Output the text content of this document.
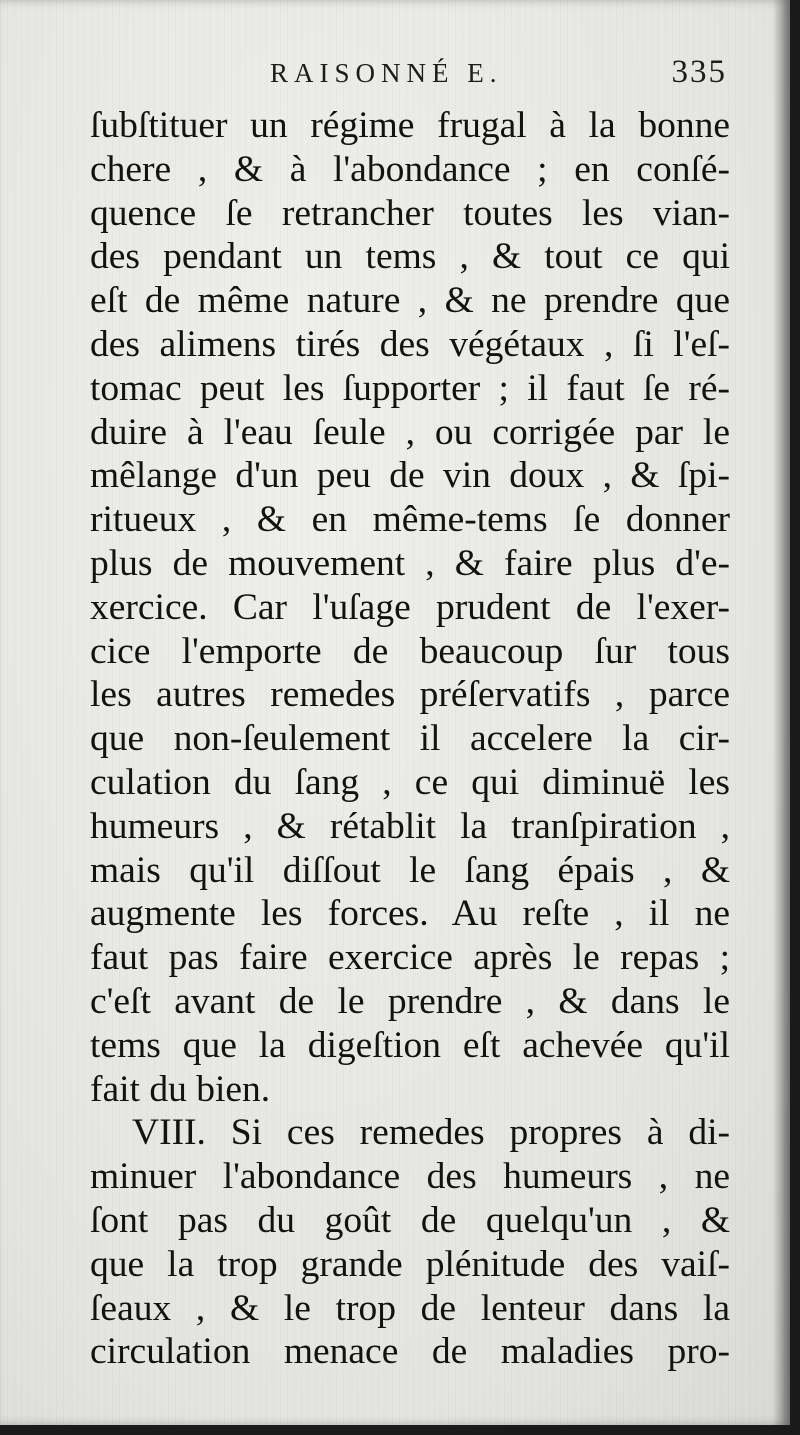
RAISONNÉ E.	335
ſubſtituer un régime frugal à la bonne
chere , & à l'abondance ; en conſé-
quence ſe retrancher toutes les vian-
des pendant un tems , & tout ce qui
eſt de même nature , & ne prendre que
des alimens tirés des végétaux , ſi l'eſ-
tomac peut les ſupporter ; il faut ſe ré-
duire à l'eau ſeule , ou corrigée par le
mêlange d'un peu de vin doux , & ſpi-
ritueux , & en même-tems ſe donner
plus de mouvement , & faire plus d'e-
xercice. Car l'uſage prudent de l'exer-
cice l'emporte de beaucoup ſur tous
les autres remedes préſervatifs , parce
que non-ſeulement il accelere la cir-
culation du ſang , ce qui diminuë les
humeurs , & rétablit la tranſpiration ,
mais qu'il diſſout le ſang épais , &
augmente les forces. Au reſte , il ne
faut pas faire exercice après le repas ;
c'eſt avant de le prendre , & dans le
tems que la digeſtion eſt achevée qu'il
fait du bien.
VIII. Si ces remedes propres à di-
minuer l'abondance des humeurs , ne
ſont pas du goût de quelqu'un , &
que la trop grande plénitude des vaiſ-
ſeaux , & le trop de lenteur dans la
circulation menace de maladies pro-
